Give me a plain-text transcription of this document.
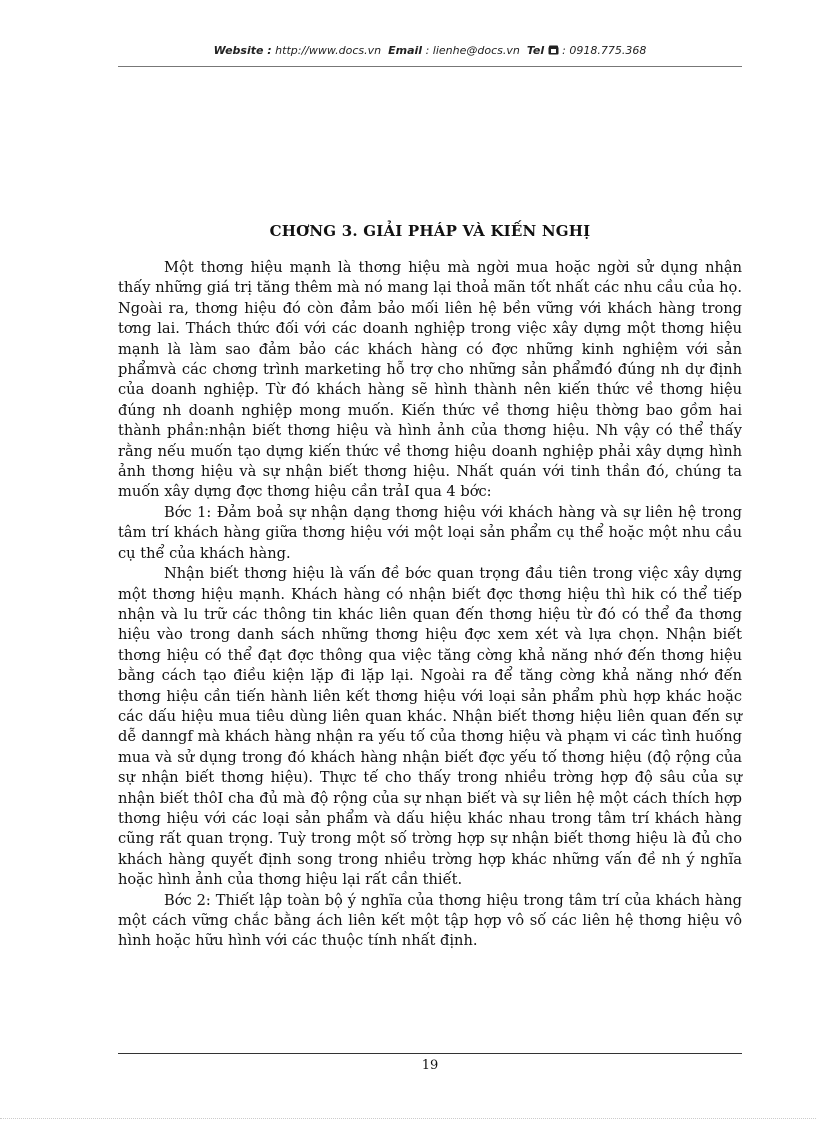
Website : http://www.docs.vn Email : lienhe@docs.vn Tel : 0918.775.368
CHƠNG 3. GIẢI PHÁP VÀ KIẾN NGHỊ

Một thơng hiệu mạnh là thơng hiệu mà ngời mua hoặc ngời sử dụng nhận thấy những giá trị tăng thêm mà nó mang lại thoả mãn tốt nhất các nhu cầu của họ. Ngoài ra, thơng hiệu đó còn đảm bảo mối liên hệ bền vững với khách hàng trong tơng lai. Thách thức đối với các doanh nghiệp trong việc xây dựng một thơng hiệu mạnh là làm sao đảm bảo các khách hàng có đợc những kinh nghiệm với sản phẩmvà các chơng trình marketing hỗ trợ cho những sản phẩmđó đúng nh dự định của doanh nghiệp. Từ đó khách hàng sẽ hình thành nên kiến thức về thơng hiệu đúng nh doanh nghiệp mong muốn. Kiến thức về thơng hiệu thờng bao gồm hai thành phần:nhận biết thơng hiệu và hình ảnh của thơng hiệu. Nh vậy có thể thấy rằng nếu muốn tạo dựng kiến thức về thơng hiệu doanh nghiệp phải xây dựng hình ảnh thơng hiệu và sự nhận biết thơng hiệu. Nhất quán với tinh thần đó, chúng ta muốn xây dựng đợc thơng hiệu cần trảI qua 4 bớc:

Bớc 1: Đảm boả sự nhận dạng thơng hiệu với khách hàng và sự liên hệ trong tâm trí khách hàng giữa thơng hiệu với một loại sản phẩm cụ thể hoặc một nhu cầu cụ thể của khách hàng.

Nhận biết thơng hiệu là vấn đề bớc quan trọng đầu tiên trong việc xây dựng một thơng hiệu mạnh. Khách hàng có nhận biết đợc thơng hiệu thì hik có thể tiếp nhận và lu trữ các thông tin khác liên quan đến thơng hiệu từ đó có thể đa thơng hiệu vào trong danh sách những thơng hiệu đợc xem xét và lựa chọn. Nhận biết thơng hiệu có thể đạt đợc thông qua việc tăng cờng khả năng nhớ đến thơng hiệu bằng cách tạo điều kiện lặp đi lặp lại. Ngoài ra để tăng cờng khả năng nhớ đến thơng hiệu cần tiến hành liên kết thơng hiệu với loại sản phẩm phù hợp khác hoặc các dấu hiệu mua tiêu dùng liên quan khác. Nhận biết thơng hiệu liên quan đến sự dễ danngf mà khách hàng nhận ra yếu tố của thơng hiệu và phạm vi các tình huống mua và sử dụng trong đó khách hàng nhận biết đợc yếu tố thơng hiệu (độ rộng của sự nhận biết thơng hiệu). Thực tế cho thấy trong nhiều trờng hợp độ sâu của sự nhận biết thôI cha đủ mà độ rộng của sự nhạn biết và sự liên hệ một cách thích hợp thơng hiệu với các loại sản phẩm và dấu hiệu khác nhau trong tâm trí khách hàng cũng rất quan trọng. Tuỳ trong một số trờng hợp sự nhận biết thơng hiệu là đủ cho khách hàng quyết định song trong nhiều trờng hợp khác những vấn đề nh ý nghĩa hoặc hình ảnh của thơng hiệu lại rất cần thiết.

Bớc 2: Thiết lập toàn bộ ý nghĩa của thơng hiệu trong tâm trí của khách hàng một cách vững chắc bằng ách liên kết một tập hợp vô số các liên hệ thơng hiệu vô hình hoặc hữu hình với các thuộc tính nhất định.

19
